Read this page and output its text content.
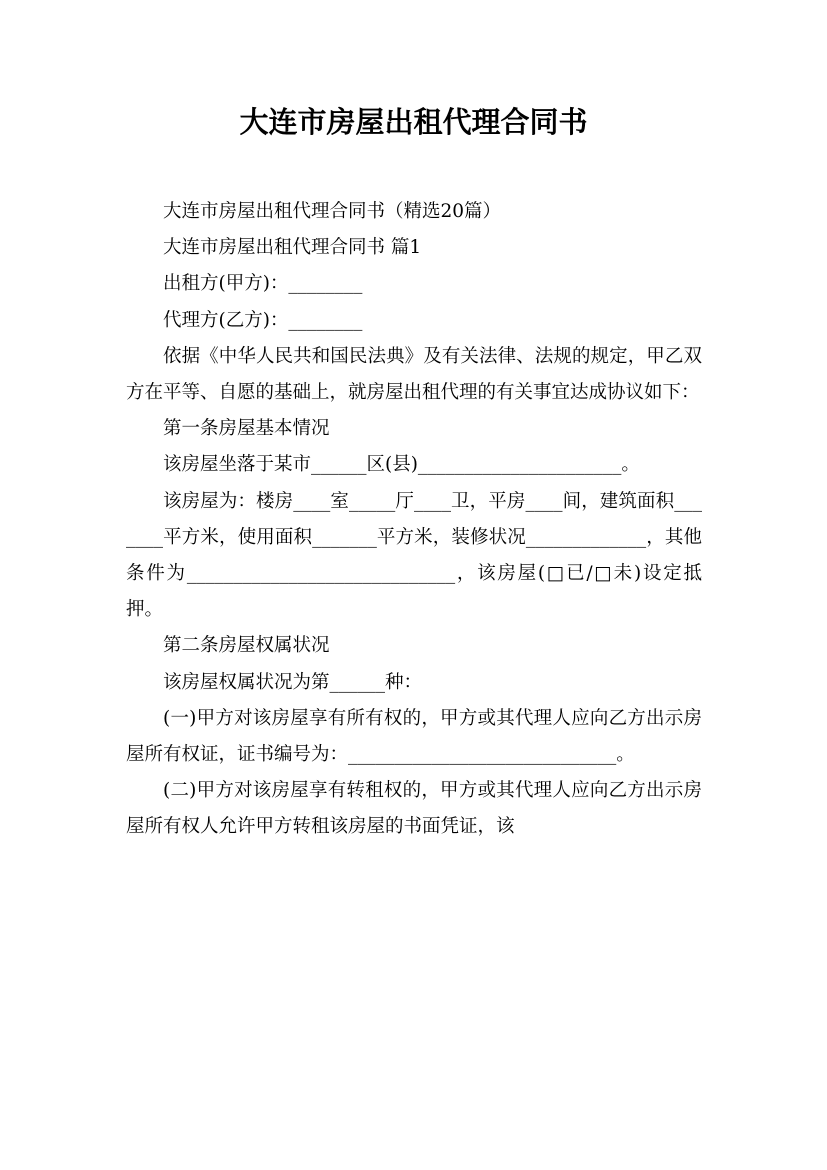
大连市房屋出租代理合同书

大连市房屋出租代理合同书（精选20篇）

大连市房屋出租代理合同书 篇1

出租方(甲方)：________

代理方(乙方)：________

依据《中华人民共和国民法典》及有关法律、法规的规定，甲乙双方在平等、自愿的基础上，就房屋出租代理的有关事宜达成协议如下：

第一条房屋基本情况

该房屋坐落于某市______区(县)______________________。

该房屋为：楼房____室_____厅____卫，平房____间，建筑面积_______平方米，使用面积_______平方米，装修状况_____________，其他条件为_____________________________，该房屋(□已/□未)设定抵押。

第二条房屋权属状况

该房屋权属状况为第______种：

(一)甲方对该房屋享有所有权的，甲方或其代理人应向乙方出示房屋所有权证，证书编号为：_____________________________。

(二)甲方对该房屋享有转租权的，甲方或其代理人应向乙方出示房屋所有权人允许甲方转租该房屋的书面凭证，该
